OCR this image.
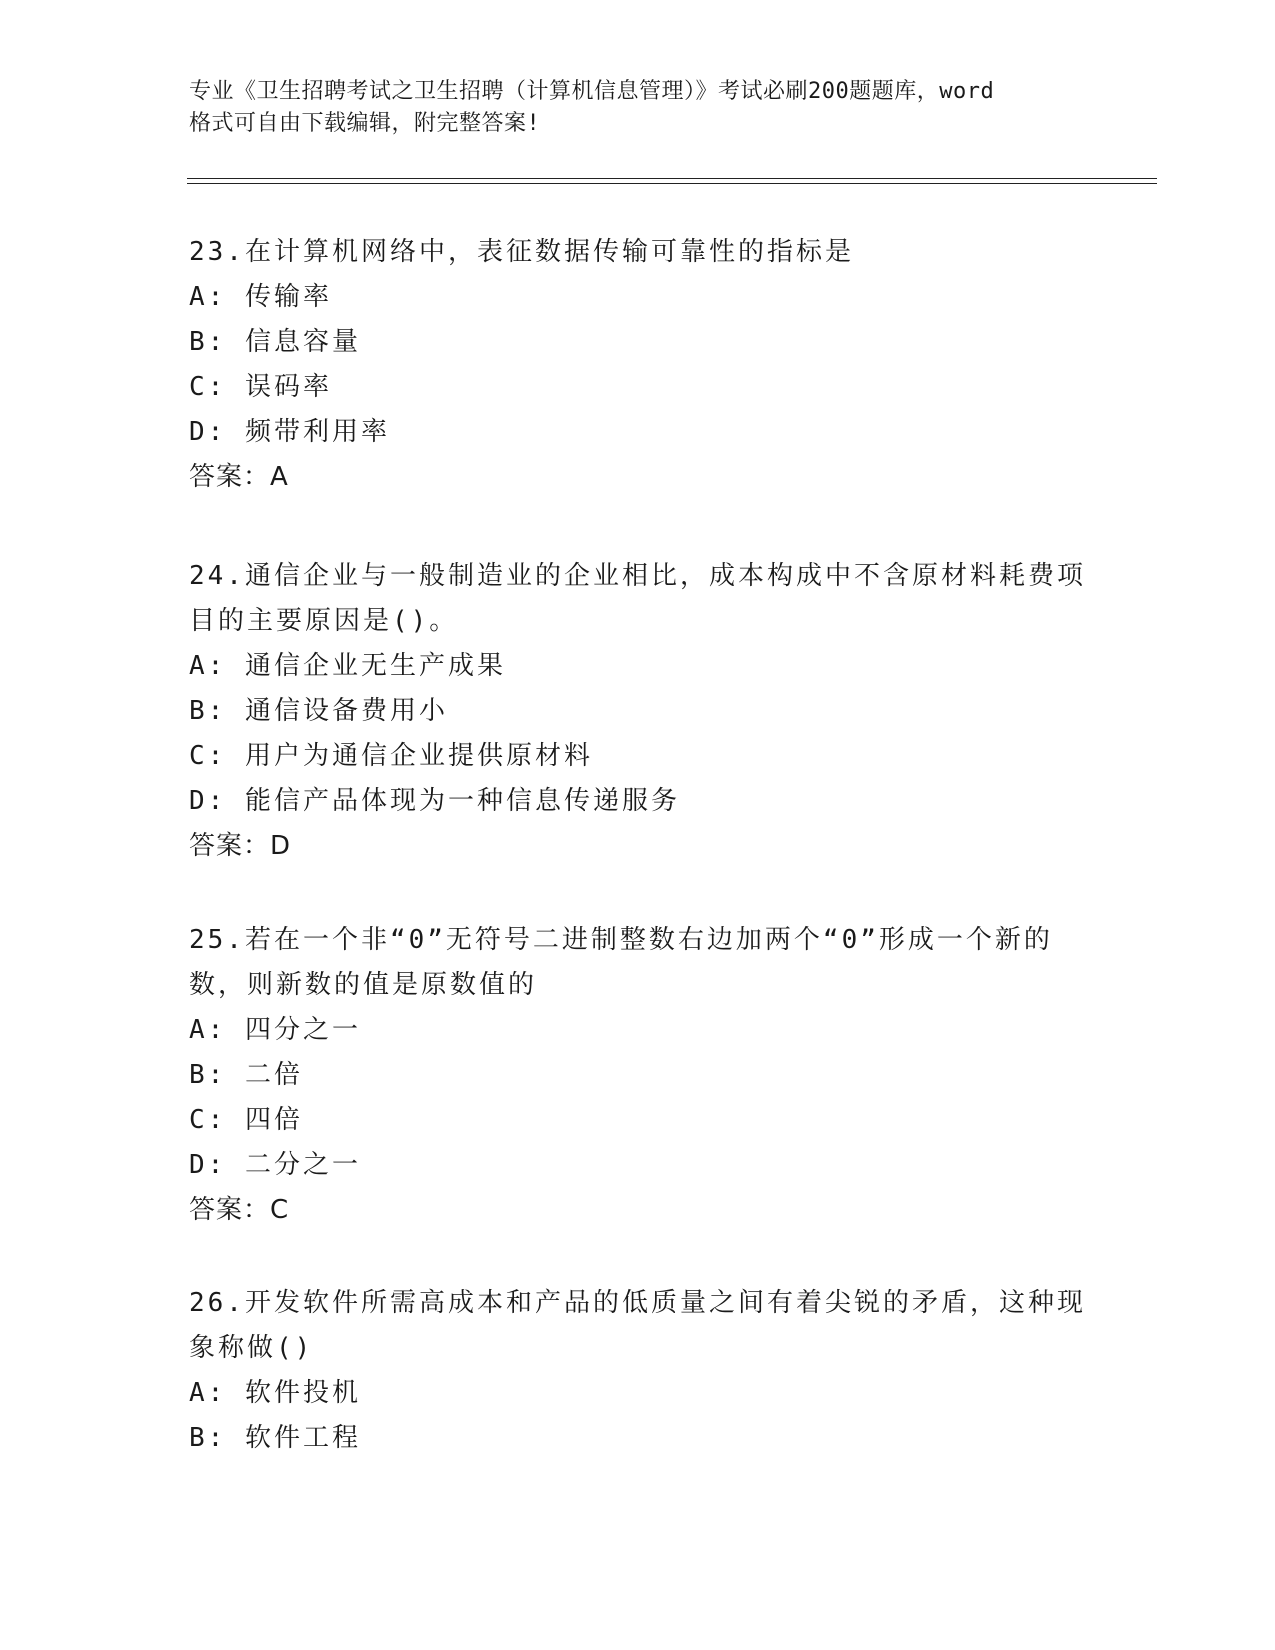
专业《卫生招聘考试之卫生招聘（计算机信息管理）》考试必刷200题题库，word
格式可自由下载编辑，附完整答案!
23.在计算机网络中，表征数据传输可靠性的指标是
A: 传输率
B: 信息容量
C: 误码率
D: 频带利用率
答案：A
24.通信企业与一般制造业的企业相比，成本构成中不含原材料耗费项
目的主要原因是()。
A: 通信企业无生产成果
B: 通信设备费用小
C: 用户为通信企业提供原材料
D: 能信产品体现为一种信息传递服务
答案：D
25.若在一个非“0”无符号二进制整数右边加两个“0”形成一个新的
数，则新数的值是原数值的
A: 四分之一
B: 二倍
C: 四倍
D: 二分之一
答案：C
26.开发软件所需高成本和产品的低质量之间有着尖锐的矛盾，这种现
象称做()
A: 软件投机
B: 软件工程
